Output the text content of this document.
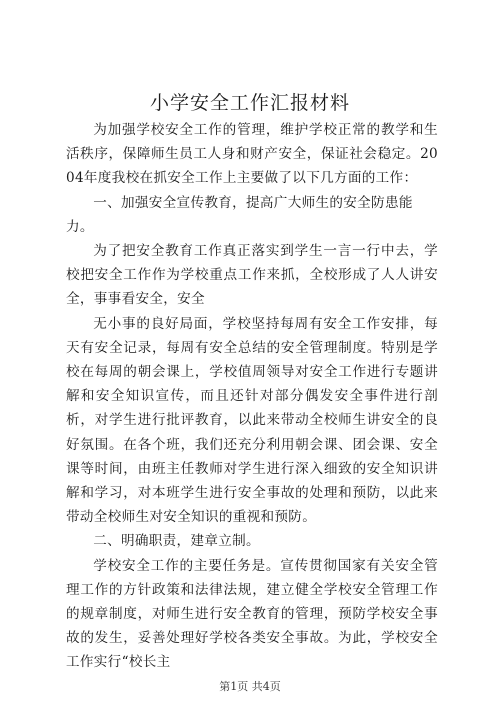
小学安全工作汇报材料

为加强学校安全工作的管理，维护学校正常的教学和生活秩序，保障师生员工人身和财产安全，保证社会稳定。2004年度我校在抓安全工作上主要做了以下几方面的工作：

一、加强安全宣传教育，提高广大师生的安全防患能力。

为了把安全教育工作真正落实到学生一言一行中去，学校把安全工作作为学校重点工作来抓，全校形成了人人讲安全，事事看安全，安全

无小事的良好局面，学校坚持每周有安全工作安排，每天有安全记录，每周有安全总结的安全管理制度。特别是学校在每周的朝会课上，学校值周领导对安全工作进行专题讲解和安全知识宣传，而且还针对部分偶发安全事件进行剖析，对学生进行批评教育，以此来带动全校师生讲安全的良好氛围。在各个班，我们还充分利用朝会课、团会课、安全课等时间，由班主任教师对学生进行深入细致的安全知识讲解和学习，对本班学生进行安全事故的处理和预防，以此来带动全校师生对安全知识的重视和预防。

二、明确职责，建章立制。

学校安全工作的主要任务是。宣传贯彻国家有关安全管理工作的方针政策和法律法规，建立健全学校安全管理工作的规章制度，对师生进行安全教育的管理，预防学校安全事故的发生，妥善处理好学校各类安全事故。为此，学校安全工作实行“校长主

第1页 共4页
